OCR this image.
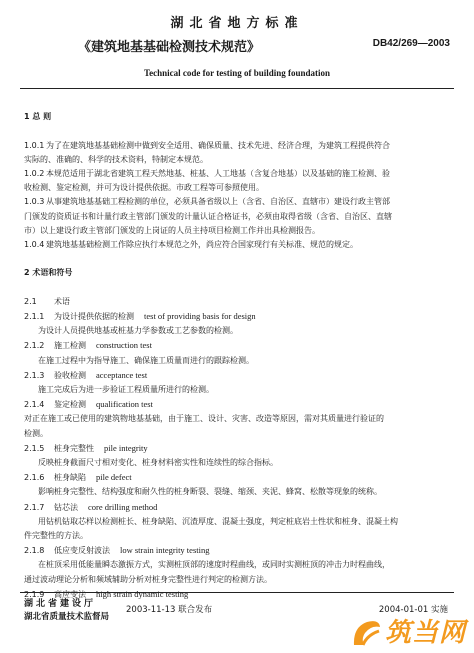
湖北省地方标准
《建筑地基基础检测技术规范》	DB42/269—2003
Technical code for testing of building foundation
1 总 则
1.0.1 为了在建筑地基基础检测中做到安全适用、确保质量、技术先进、经济合理，为建筑工程提供符合
实际的、准确的、科学的技术资料，特制定本规范。
1.0.2 本规范适用于湖北省建筑工程天然地基、桩基、人工地基（含复合地基）以及基础的施工检测、验
收检测、鉴定检测，并可为设计提供依据。市政工程等可参照使用。
1.0.3 从事建筑地基基础工程检测的单位，必须具备省级以上（含省、自治区、直辖市）建设行政主管部
门颁发的资质证书和计量行政主管部门颁发的计量认证合格证书，必须由取得省级（含省、自治区、直辖
市）以上建设行政主管部门颁发的上岗证的人员主持项目检测工作并出具检测报告。
1.0.4 建筑地基基础检测工作除应执行本规范之外，尚应符合国家现行有关标准、规范的规定。
2 术语和符号
2.1 术语
2.1.1 为设计提供依据的检测 test of providing basis for design
为设计人员提供地基或桩基力学参数或工艺参数的检测。
2.1.2 施工检测 construction test
在施工过程中为指导施工、确保施工质量而进行的跟踪检测。
2.1.3 验收检测 acceptance test
施工完成后为进一步验证工程质量所进行的检测。
2.1.4 鉴定检测 qualification test
对正在施工或已使用的建筑物地基基础，由于施工、设计、灾害、改造等原因，需对其质量进行验证的
检测。
2.1.5 桩身完整性 pile integrity
反映桩身截面尺寸相对变化、桩身材料密实性和连续性的综合指标。
2.1.6 桩身缺陷 pile defect
影响桩身完整性、结构强度和耐久性的桩身断裂、裂缝、缩颈、夹泥、蜂窝、松散等现象的统称。
2.1.7 钻芯法 core drilling method
用钻机钻取芯样以检测桩长、桩身缺陷、沉渣厚度、混凝土强度，判定桩底岩土性状和桩身、混凝土构
件完整性的方法。
2.1.8 低应变反射波法 low strain integrity testing
在桩顶采用低能量瞬态激振方式，实测桩顶部的速度时程曲线，或同时实测桩顶的冲击力时程曲线，
通过波动理论分析和频域辅助分析对桩身完整性进行判定的检测方法。
2.1.9 高应变法 high strain dynamic testing
湖北省建设厅
湖北省质量技术监督局
2003-11-13 联合发布	2004-01-01 实施
筑当网
